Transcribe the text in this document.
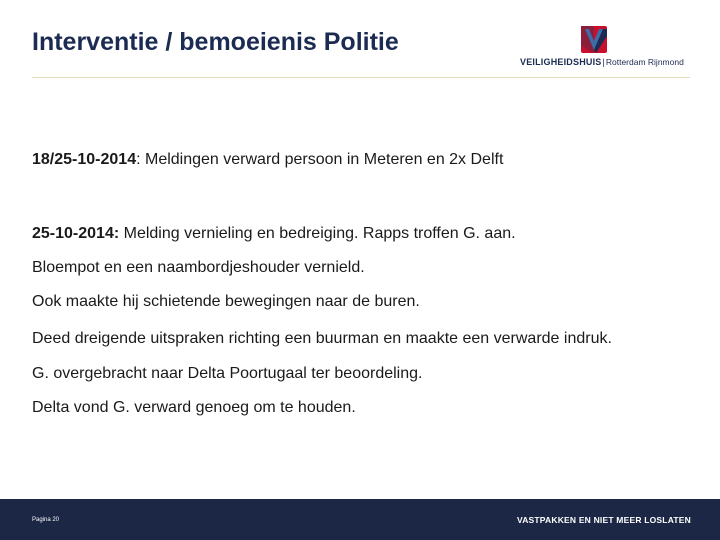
Interventie / bemoeienis Politie
VEILIGHEIDSHUIS|Rotterdam Rijnmond
18/25-10-2014: Meldingen verward persoon in Meteren en 2x Delft
25-10-2014: Melding vernieling en bedreiging. Rapps troffen G. aan.
Bloempot en een naambordjeshouder vernield.
Ook maakte hij schietende bewegingen naar de buren.
Deed dreigende uitspraken richting een buurman en maakte een verwarde indruk.
G. overgebracht naar Delta Poortugaal ter beoordeling.
Delta vond G. verward genoeg om te houden.
Pagina 20	VASTPAKKEN EN NIET MEER LOSLATEN
